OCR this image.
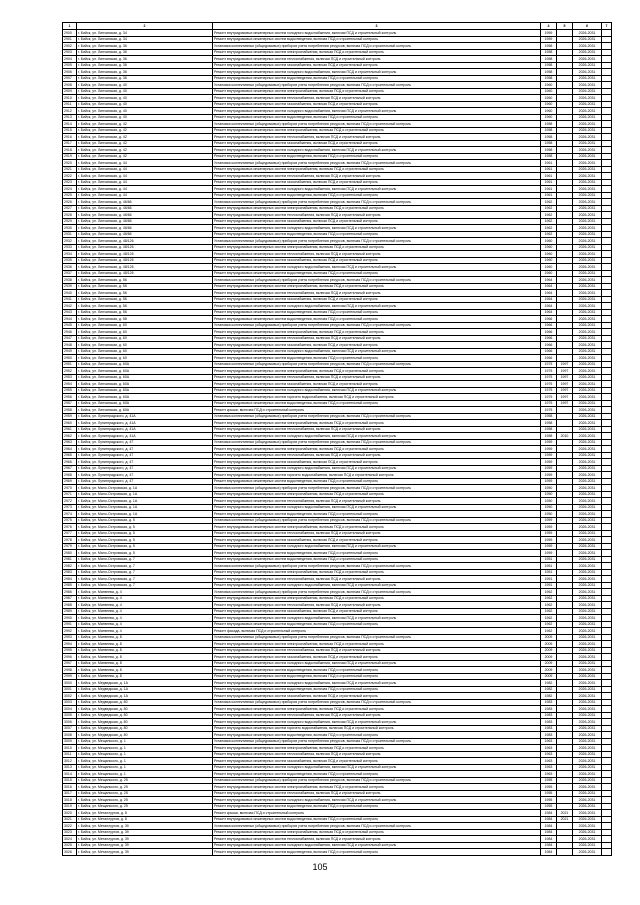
1	2	3	4	5	6	7
2900	г. Бийск, ул. Липчанская, д. 34	Ремонт внутридомовых инженерных систем холодного водоснабжения, включая ПСД и строительный контроль	1959		2026-2031	
2901	г. Бийск, ул. Липчанская, д. 34	Ремонт внутридомовых инженерных систем водоотведения, включая ПСД и строительный контроль	1959		2026-2031	
2902	г. Бийск, ул. Липчанская, д. 36	Установка коллективных (общедомовых) приборов учета потребления ресурсов, включая ПСД и строительный контроль	1958		2026-2031	
2903	г. Бийск, ул. Липчанская, д. 36	Ремонт внутридомовых инженерных систем электроснабжения, включая ПСД и строительный контроль	1958		2026-2031	
2904	г. Бийск, ул. Липчанская, д. 36	Ремонт внутридомовых инженерных систем теплоснабжения, включая ПСД и строительный контроль	1958		2026-2031	
2905	г. Бийск, ул. Липчанская, д. 36	Ремонт внутридомовых инженерных систем газоснабжения, включая ПСД и строительный контроль	1958		2026-2031	
2906	г. Бийск, ул. Липчанская, д. 36	Ремонт внутридомовых инженерных систем холодного водоснабжения, включая ПСД и строительный контроль	1958		2026-2031	
2907	г. Бийск, ул. Липчанская, д. 36	Ремонт внутридомовых инженерных систем водоотведения, включая ПСД и строительный контроль	1958		2026-2031	
2908	г. Бийск, ул. Липчанская, д. 40	Установка коллективных (общедомовых) приборов учета потребления ресурсов, включая ПСД и строительный контроль	1960		2026-2031	
2909	г. Бийск, ул. Липчанская, д. 40	Ремонт внутридомовых инженерных систем электроснабжения, включая ПСД и строительный контроль	1960		2026-2031	
2910	г. Бийск, ул. Липчанская, д. 40	Ремонт внутридомовых инженерных систем теплоснабжения, включая ПСД и строительный контроль	1960		2026-2031	
2911	г. Бийск, ул. Липчанская, д. 40	Ремонт внутридомовых инженерных систем газоснабжения, включая ПСД и строительный контроль	1960		2026-2031	
2912	г. Бийск, ул. Липчанская, д. 40	Ремонт внутридомовых инженерных систем холодного водоснабжения, включая ПСД и строительный контроль	1960		2026-2031	
2913	г. Бийск, ул. Липчанская, д. 40	Ремонт внутридомовых инженерных систем водоотведения, включая ПСД и строительный контроль	1960		2026-2031	
2914	г. Бийск, ул. Липчанская, д. 42	Установка коллективных (общедомовых) приборов учета потребления ресурсов, включая ПСД и строительный контроль	1958		2026-2031	
2915	г. Бийск, ул. Липчанская, д. 42	Ремонт внутридомовых инженерных систем электроснабжения, включая ПСД и строительный контроль	1958		2026-2031	
2916	г. Бийск, ул. Липчанская, д. 42	Ремонт внутридомовых инженерных систем теплоснабжения, включая ПСД и строительный контроль	1958		2026-2031	
2917	г. Бийск, ул. Липчанская, д. 42	Ремонт внутридомовых инженерных систем газоснабжения, включая ПСД и строительный контроль	1958		2026-2031	
2918	г. Бийск, ул. Липчанская, д. 42	Ремонт внутридомовых инженерных систем холодного водоснабжения, включая ПСД и строительный контроль	1958		2026-2031	
2919	г. Бийск, ул. Липчанская, д. 42	Ремонт внутридомовых инженерных систем водоотведения, включая ПСД и строительный контроль	1958		2026-2031	
2920	г. Бийск, ул. Липчанская, д. 44	Установка коллективных (общедомовых) приборов учета потребления ресурсов, включая ПСД и строительный контроль	1961		2026-2031	
2921	г. Бийск, ул. Липчанская, д. 44	Ремонт внутридомовых инженерных систем электроснабжения, включая ПСД и строительный контроль	1961		2026-2031	
2922	г. Бийск, ул. Липчанская, д. 44	Ремонт внутридомовых инженерных систем теплоснабжения, включая ПСД и строительный контроль	1961		2026-2031	
2923	г. Бийск, ул. Липчанская, д. 44	Ремонт внутридомовых инженерных систем газоснабжения, включая ПСД и строительный контроль	1961		2026-2031	
2924	г. Бийск, ул. Липчанская, д. 44	Ремонт внутридомовых инженерных систем холодного водоснабжения, включая ПСД и строительный контроль	1961		2026-2031	
2925	г. Бийск, ул. Липчанская, д. 44	Ремонт внутридомовых инженерных систем водоотведения, включая ПСД и строительный контроль	1961		2026-2031	
2926	г. Бийск, ул. Липчанская, д. 46/66	Установка коллективных (общедомовых) приборов учета потребления ресурсов, включая ПСД и строительный контроль	1962		2026-2031	
2927	г. Бийск, ул. Липчанская, д. 46/66	Ремонт внутридомовых инженерных систем электроснабжения, включая ПСД и строительный контроль	1962		2026-2031	
2928	г. Бийск, ул. Липчанская, д. 46/66	Ремонт внутридомовых инженерных систем теплоснабжения, включая ПСД и строительный контроль	1962		2026-2031	
2929	г. Бийск, ул. Липчанская, д. 46/66	Ремонт внутридомовых инженерных систем газоснабжения, включая ПСД и строительный контроль	1962		2026-2031	
2930	г. Бийск, ул. Липчанская, д. 46/66	Ремонт внутридомовых инженерных систем холодного водоснабжения, включая ПСД и строительный контроль	1962		2026-2031	
2931	г. Бийск, ул. Липчанская, д. 46/66	Ремонт внутридомовых инженерных систем водоотведения, включая ПСД и строительный контроль	1962		2026-2031	
2932	г. Бийск, ул. Липчанская, д. 48/126	Установка коллективных (общедомовых) приборов учета потребления ресурсов, включая ПСД и строительный контроль	1960		2026-2031	
2933	г. Бийск, ул. Липчанская, д. 48/126	Ремонт внутридомовых инженерных систем электроснабжения, включая ПСД и строительный контроль	1960		2026-2031	
2934	г. Бийск, ул. Липчанская, д. 48/126	Ремонт внутридомовых инженерных систем теплоснабжения, включая ПСД и строительный контроль	1960		2026-2031	
2935	г. Бийск, ул. Липчанская, д. 48/126	Ремонт внутридомовых инженерных систем газоснабжения, включая ПСД и строительный контроль	1960		2026-2031	
2936	г. Бийск, ул. Липчанская, д. 48/126	Ремонт внутридомовых инженерных систем холодного водоснабжения, включая ПСД и строительный контроль	1960		2026-2031	
2937	г. Бийск, ул. Липчанская, д. 48/126	Ремонт внутридомовых инженерных систем водоотведения, включая ПСД и строительный контроль	1960		2026-2031	
2938	г. Бийск, ул. Липчанская, д. 56	Установка коллективных (общедомовых) приборов учета потребления ресурсов, включая ПСД и строительный контроль	1964		2026-2031	
2939	г. Бийск, ул. Липчанская, д. 56	Ремонт внутридомовых инженерных систем электроснабжения, включая ПСД и строительный контроль	1964		2026-2031	
2940	г. Бийск, ул. Липчанская, д. 56	Ремонт внутридомовых инженерных систем теплоснабжения, включая ПСД и строительный контроль	1964		2026-2031	
2941	г. Бийск, ул. Липчанская, д. 56	Ремонт внутридомовых инженерных систем газоснабжения, включая ПСД и строительный контроль	1964		2026-2031	
2942	г. Бийск, ул. Липчанская, д. 56	Ремонт внутридомовых инженерных систем холодного водоснабжения, включая ПСД и строительный контроль	1964		2026-2031	
2943	г. Бийск, ул. Липчанская, д. 56	Ремонт внутридомовых инженерных систем водоотведения, включая ПСД и строительный контроль	1964		2026-2031	
2944	г. Бийск, ул. Липчанская, д. 58	Ремонт внутридомовых инженерных систем водоотведения, включая ПСД и строительный контроль	1966		2026-2031	
2945	г. Бийск, ул. Липчанская, д. 60	Установка коллективных (общедомовых) приборов учета потребления ресурсов, включая ПСД и строительный контроль	1966		2026-2031	
2946	г. Бийск, ул. Липчанская, д. 60	Ремонт внутридомовых инженерных систем электроснабжения, включая ПСД и строительный контроль	1966		2026-2031	
2947	г. Бийск, ул. Липчанская, д. 60	Ремонт внутридомовых инженерных систем теплоснабжения, включая ПСД и строительный контроль	1966		2026-2031	
2948	г. Бийск, ул. Липчанская, д. 60	Ремонт внутридомовых инженерных систем газоснабжения, включая ПСД и строительный контроль	1966		2026-2031	
2949	г. Бийск, ул. Липчанская, д. 60	Ремонт внутридомовых инженерных систем холодного водоснабжения, включая ПСД и строительный контроль	1966		2026-2031	
2950	г. Бийск, ул. Липчанская, д. 60	Ремонт внутридомовых инженерных систем водоотведения, включая ПСД и строительный контроль	1966		2026-2031	
2951	г. Бийск, ул. Липчанская, д. 60А	Установка коллективных (общедомовых) приборов учета потребления ресурсов, включая ПСД и строительный контроль	1975	1997	2026-2031	
2952	г. Бийск, ул. Липчанская, д. 60А	Ремонт внутридомовых инженерных систем электроснабжения, включая ПСД и строительный контроль	1975	1997	2026-2031	
2953	г. Бийск, ул. Липчанская, д. 60А	Ремонт внутридомовых инженерных систем теплоснабжения, включая ПСД и строительный контроль	1975	1997	2026-2031	
2954	г. Бийск, ул. Липчанская, д. 60А	Ремонт внутридомовых инженерных систем газоснабжения, включая ПСД и строительный контроль	1975	1997	2026-2031	
2955	г. Бийск, ул. Липчанская, д. 60А	Ремонт внутридомовых инженерных систем холодного водоснабжения, включая ПСД и строительный контроль	1975	1997	2026-2031	
2956	г. Бийск, ул. Липчанская, д. 60А	Ремонт внутридомовых инженерных систем горячего водоснабжения, включая ПСД и строительный контроль	1975	1997	2026-2031	
2957	г. Бийск, ул. Липчанская, д. 60А	Ремонт внутридомовых инженерных систем водоотведения, включая ПСД и строительный контроль	1975	1997	2026-2031	
2958	г. Бийск, ул. Липчанская, д. 60А	Ремонт крыши, включая ПСД и строительный контроль	1975		2026-2031	
2959	г. Бийск, ул. Лунинградского, д. 41А	Установка коллективных (общедомовых) приборов учета потребления ресурсов, включая ПСД и строительный контроль	1958		2026-2031	
2960	г. Бийск, ул. Лунинградского, д. 41А	Ремонт внутридомовых инженерных систем электроснабжения, включая ПСД и строительный контроль	1958		2026-2031	
2961	г. Бийск, ул. Лунинградского, д. 41А	Ремонт внутридомовых инженерных систем теплоснабжения, включая ПСД и строительный контроль	1958		2026-2031	
2962	г. Бийск, ул. Лунинградского, д. 41А	Ремонт внутридомовых инженерных систем холодного водоснабжения, включая ПСД и строительный контроль	1958	2010	2026-2031	
2963	г. Бийск, ул. Лунинградского, д. 47	Установка коллективных (общедомовых) приборов учета потребления ресурсов, включая ПСД и строительный контроль	1959		2026-2031	
2964	г. Бийск, ул. Лунинградского, д. 47	Ремонт внутридомовых инженерных систем электроснабжения, включая ПСД и строительный контроль	1959		2026-2031	
2965	г. Бийск, ул. Лунинградского, д. 47	Ремонт внутридомовых инженерных систем теплоснабжения, включая ПСД и строительный контроль	1959		2026-2031	
2966	г. Бийск, ул. Лунинградского, д. 47	Ремонт внутридомовых инженерных систем газоснабжения, включая ПСД и строительный контроль	1959		2026-2031	
2967	г. Бийск, ул. Лунинградского, д. 47	Ремонт внутридомовых инженерных систем холодного водоснабжения, включая ПСД и строительный контроль	1959		2026-2031	
2968	г. Бийск, ул. Лунинградского, д. 47	Ремонт внутридомовых инженерных систем горячего водоснабжения, включая ПСД и строительный контроль	1959		2026-2031	
2969	г. Бийск, ул. Лунинградского, д. 47	Ремонт внутридомовых инженерных систем водоотведения, включая ПСД и строительный контроль	1959		2026-2031	
2970	г. Бийск, ул. Мало-Островская, д. 1А	Установка коллективных (общедомовых) приборов учета потребления ресурсов, включая ПСД и строительный контроль	1950		2026-2031	
2971	г. Бийск, ул. Мало-Островская, д. 1А	Ремонт внутридомовых инженерных систем электроснабжения, включая ПСД и строительный контроль	1950		2026-2031	
2972	г. Бийск, ул. Мало-Островская, д. 1А	Ремонт внутридомовых инженерных систем теплоснабжения, включая ПСД и строительный контроль	1950		2026-2031	
2973	г. Бийск, ул. Мало-Островская, д. 1А	Ремонт внутридомовых инженерных систем холодного водоснабжения, включая ПСД и строительный контроль	1950		2026-2031	
2974	г. Бийск, ул. Мало-Островская, д. 1А	Ремонт внутридомовых инженерных систем водоотведения, включая ПСД и строительный контроль	1950		2026-2031	
2975	г. Бийск, ул. Мало-Островская, д. 5	Установка коллективных (общедомовых) приборов учета потребления ресурсов, включая ПСД и строительный контроль	1959		2026-2031	
2976	г. Бийск, ул. Мало-Островская, д. 5	Ремонт внутридомовых инженерных систем электроснабжения, включая ПСД и строительный контроль	1959		2026-2031	
2977	г. Бийск, ул. Мало-Островская, д. 5	Ремонт внутридомовых инженерных систем теплоснабжения, включая ПСД и строительный контроль	1959		2026-2031	
2978	г. Бийск, ул. Мало-Островская, д. 5	Ремонт внутридомовых инженерных систем газоснабжения, включая ПСД и строительный контроль	1959		2026-2031	
2979	г. Бийск, ул. Мало-Островская, д. 5	Ремонт внутридомовых инженерных систем холодного водоснабжения, включая ПСД и строительный контроль	1959		2026-2031	
2980	г. Бийск, ул. Мало-Островская, д. 5	Ремонт внутридомовых инженерных систем водоотведения, включая ПСД и строительный контроль	1959		2026-2031	
2981	г. Бийск, ул. Мало-Островская, д. 7	Ремонт внутридомовых инженерных систем водоотведения, включая ПСД и строительный контроль	1951		2026-2031	
2982	г. Бийск, ул. Мало-Островская, д. 7	Установка коллективных (общедомовых) приборов учета потребления ресурсов, включая ПСД и строительный контроль	1951		2026-2031	
2983	г. Бийск, ул. Мало-Островская, д. 7	Ремонт внутридомовых инженерных систем электроснабжения, включая ПСД и строительный контроль	1951		2026-2031	
2984	г. Бийск, ул. Мало-Островская, д. 7	Ремонт внутридомовых инженерных систем теплоснабжения, включая ПСД и строительный контроль	1951		2026-2031	
2985	г. Бийск, ул. Мало-Островская, д. 7	Ремонт внутридомовых инженерных систем холодного водоснабжения, включая ПСД и строительный контроль	1951		2026-2031	
2986	г. Бийск, ул. Матвеева, д. 4	Установка коллективных (общедомовых) приборов учета потребления ресурсов, включая ПСД и строительный контроль	1962		2026-2031	
2987	г. Бийск, ул. Матвеева, д. 4	Ремонт внутридомовых инженерных систем электроснабжения, включая ПСД и строительный контроль	1962		2026-2031	
2988	г. Бийск, ул. Матвеева, д. 4	Ремонт внутридомовых инженерных систем теплоснабжения, включая ПСД и строительный контроль	1962		2026-2031	
2989	г. Бийск, ул. Матвеева, д. 4	Ремонт внутридомовых инженерных систем газоснабжения, включая ПСД и строительный контроль	1962		2026-2031	
2990	г. Бийск, ул. Матвеева, д. 4	Ремонт внутридомовых инженерных систем холодного водоснабжения, включая ПСД и строительный контроль	1962		2026-2031	
2991	г. Бийск, ул. Матвеева, д. 4	Ремонт внутридомовых инженерных систем водоотведения, включая ПСД и строительный контроль	1962		2026-2031	
2992	г. Бийск, ул. Матвеева, д. 4	Ремонт фасада, включая ПСД и строительный контроль	1962		2026-2031	
2993	г. Бийск, ул. Матвеева, д. 8	Установка коллективных (общедомовых) приборов учета потребления ресурсов, включая ПСД и строительный контроль	2009		2026-2031	
2994	г. Бийск, ул. Матвеева, д. 8	Ремонт внутридомовых инженерных систем электроснабжения, включая ПСД и строительный контроль	2009		2026-2031	
2995	г. Бийск, ул. Матвеева, д. 8	Ремонт внутридомовых инженерных систем теплоснабжения, включая ПСД и строительный контроль	2009		2026-2031	
2996	г. Бийск, ул. Матвеева, д. 8	Ремонт внутридомовых инженерных систем газоснабжения, включая ПСД и строительный контроль	2009		2026-2031	
2997	г. Бийск, ул. Матвеева, д. 8	Ремонт внутридомовых инженерных систем холодного водоснабжения, включая ПСД и строительный контроль	2009		2026-2031	
2998	г. Бийск, ул. Матвеева, д. 8	Ремонт внутридомовых инженерных систем водоотведения, включая ПСД и строительный контроль	2009		2026-2031	
2999	г. Бийск, ул. Матвеева, д. 8	Ремонт внутридомовых инженерных систем водоотведения, включая ПСД и строительный контроль	2009		2026-2031	
3000	г. Бийск, ул. Медведская, д. 1А	Ремонт внутридомовых инженерных систем холодного водоснабжения, включая ПСД и строительный контроль	1982		2026-2031	
3001	г. Бийск, ул. Медведская, д. 1А	Ремонт внутридомовых инженерных систем водоотведения, включая ПСД и строительный контроль	1982		2026-2031	
3002	г. Бийск, ул. Медведская, д. 1А	Ремонт внутридомовых инженерных систем газоснабжения, включая ПСД и строительный контроль	1982		2026-2031	
3003	г. Бийск, ул. Медведская, д. 80	Установка коллективных (общедомовых) приборов учета потребления ресурсов, включая ПСД и строительный контроль	1983		2026-2031	
3004	г. Бийск, ул. Медведская, д. 80	Ремонт внутридомовых инженерных систем электроснабжения, включая ПСД и строительный контроль	1983		2026-2031	
3005	г. Бийск, ул. Медведская, д. 80	Ремонт внутридомовых инженерных систем теплоснабжения, включая ПСД и строительный контроль	1983		2026-2031	
3006	г. Бийск, ул. Медведская, д. 80	Ремонт внутридомовых инженерных систем холодного водоснабжения, включая ПСД и строительный контроль	1983		2026-2031	
3007	г. Бийск, ул. Медведская, д. 80	Ремонт внутридомовых инженерных систем горячего водоснабжения, включая ПСД и строительный контроль	1983		2026-2031	
3008	г. Бийск, ул. Медведская, д. 80	Ремонт внутридомовых инженерных систем водоотведения, включая ПСД и строительный контроль	1983		2026-2031	
3009	г. Бийск, ул. Мещанского, д. 1	Установка коллективных (общедомовых) приборов учета потребления ресурсов, включая ПСД и строительный контроль	1963		2026-2031	
3010	г. Бийск, ул. Мещанского, д. 1	Ремонт внутридомовых инженерных систем электроснабжения, включая ПСД и строительный контроль	1963		2026-2031	
3011	г. Бийск, ул. Мещанского, д. 1	Ремонт внутридомовых инженерных систем теплоснабжения, включая ПСД и строительный контроль	1963		2026-2031	
3012	г. Бийск, ул. Мещанского, д. 1	Ремонт внутридомовых инженерных систем газоснабжения, включая ПСД и строительный контроль	1963		2026-2031	
3013	г. Бийск, ул. Мещанского, д. 1	Ремонт внутридомовых инженерных систем холодного водоснабжения, включая ПСД и строительный контроль	1963		2026-2031	
3014	г. Бийск, ул. Мещанского, д. 1	Ремонт внутридомовых инженерных систем водоотведения, включая ПСД и строительный контроль	1963		2026-2031	
3015	г. Бийск, ул. Мещанского, д. 25	Установка коллективных (общедомовых) приборов учета потребления ресурсов, включая ПСД и строительный контроль	1955		2026-2031	
3016	г. Бийск, ул. Мещанского, д. 25	Ремонт внутридомовых инженерных систем электроснабжения, включая ПСД и строительный контроль	1955		2026-2031	
3017	г. Бийск, ул. Мещанского, д. 25	Ремонт внутридомовых инженерных систем теплоснабжения, включая ПСД и строительный контроль	1955		2026-2031	
3018	г. Бийск, ул. Мещанского, д. 25	Ремонт внутридомовых инженерных систем холодного водоснабжения, включая ПСД и строительный контроль	1955		2026-2031	
3019	г. Бийск, ул. Мещанского, д. 25	Ремонт внутридомовых инженерных систем водоотведения, включая ПСД и строительный контроль	1955		2026-2031	
3020	г. Бийск, ул. Металлургов, д. 8	Ремонт крыши, включая ПСД и строительный контроль	1984	2021	2026-2031	
3021	г. Бийск, ул. Металлургов, д. 8	Ремонт внутридомовых инженерных систем водоотведения, включая ПСД и строительный контроль	1984	2021	2026-2031	
3022	г. Бийск, ул. Металлургов, д. 39	Установка коллективных (общедомовых) приборов учета потребления ресурсов, включая ПСД и строительный контроль	1984		2026-2031	
3023	г. Бийск, ул. Металлургов, д. 39	Ремонт внутридомовых инженерных систем электроснабжения, включая ПСД и строительный контроль	1984		2026-2031	
3024	г. Бийск, ул. Металлургов, д. 39	Ремонт внутридомовых инженерных систем теплоснабжения, включая ПСД и строительный контроль	1984		2026-2031	
3025	г. Бийск, ул. Металлургов, д. 39	Ремонт внутридомовых инженерных систем холодного водоснабжения, включая ПСД и строительный контроль	1984		2026-2031	
3026	г. Бийск, ул. Металлургов, д. 39	Ремонт внутридомовых инженерных систем водоотведения, включая ПСД и строительный контроль	1984		2026-2031	
105
